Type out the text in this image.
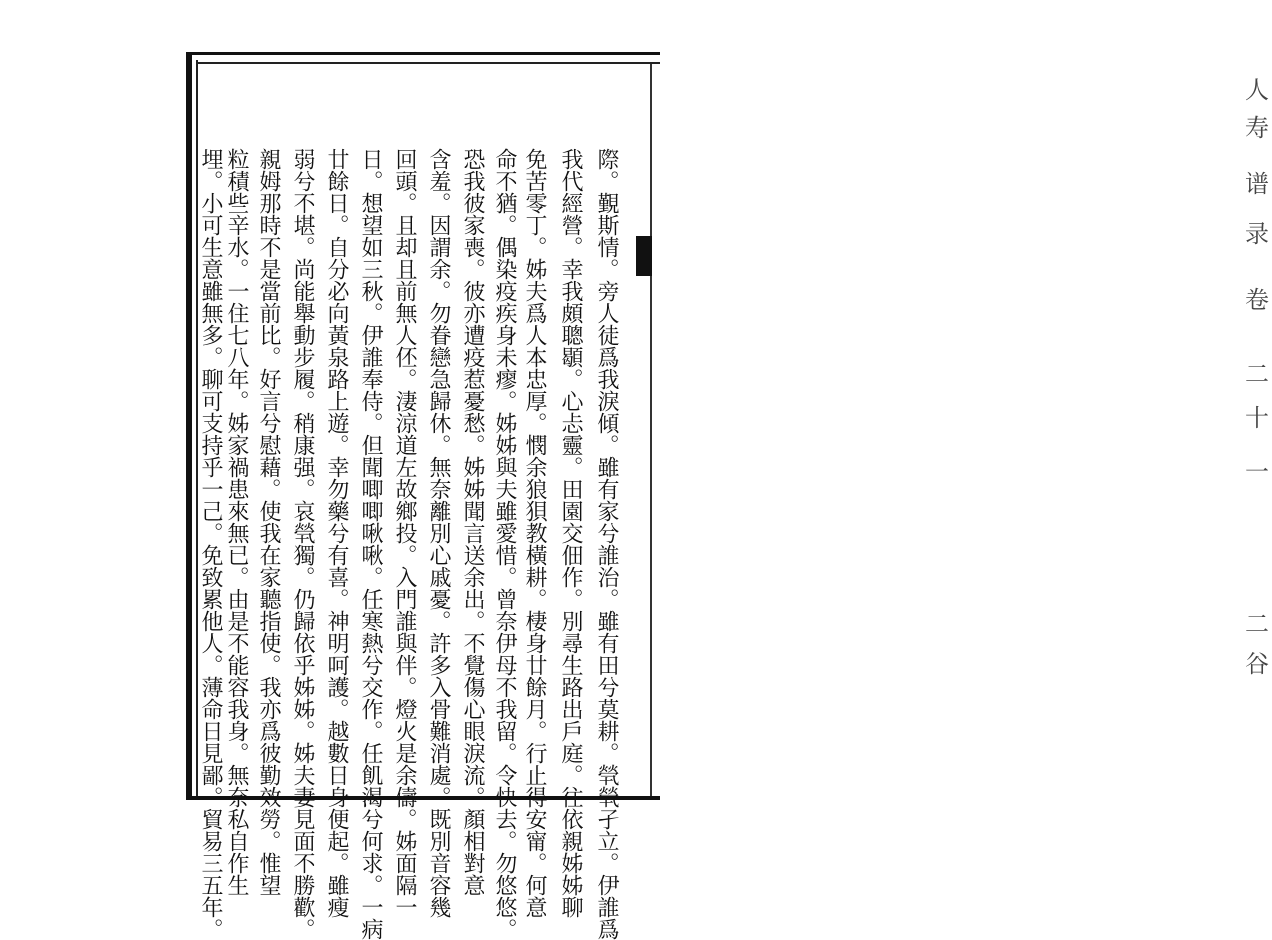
人
寿
谱
录
卷
二
十
一
二
谷
際。覲斯情。旁人徒爲我淚傾。雖有家兮誰治。雖有田兮莫耕。煢煢孑立。伊誰爲
我代經營。幸我頗聰䫘。心忐靈。田園交佃作。別尋生路出戶庭。往依親姊姊聊
免苦零丁。姊夫爲人本忠厚。憫余狼狽教橫耕。棲身廿餘月。行止得安甯。何意
命不猶。偶染疫疾身未瘳。姊姊與夫雖愛惜。曾奈伊母不我留。令快去。勿悠悠。
恐我彼家喪。彼亦遭疫惹憂愁。姊姊聞言送余出。不覺傷心眼淚流。顏相對意
含羞。因謂余。勿眷戀急歸休。無奈離別心戚憂。許多入骨難消處。既別音容幾
回頭。且却且前無人伾。淒涼道左故鄉投。入門誰與伴。燈火是余儔。姊面隔一
日。想望如三秋。伊誰奉侍。但聞唧唧啾啾。任寒熱兮交作。任飢渴兮何求。一病
廿餘日。自分必向黃泉路上遊。幸勿藥兮有喜。神明呵護。越數日身便起。雖瘦
弱兮不堪。尚能舉動步履。稍康强。哀煢獨。仍歸依乎姊姊。姊夫妻見面不勝歡。
親姆那時不是當前比。好言兮慰藉。使我在家聽指使。我亦爲彼勤效勞。惟望
粒積些辛水。一住七八年。姊家禍患來無已。由是不能容我身。無奈私自作生
埋。小可生意雖無多。聊可支持乎一己。免致累他人。薄命日見鄙。貿易三五年。
